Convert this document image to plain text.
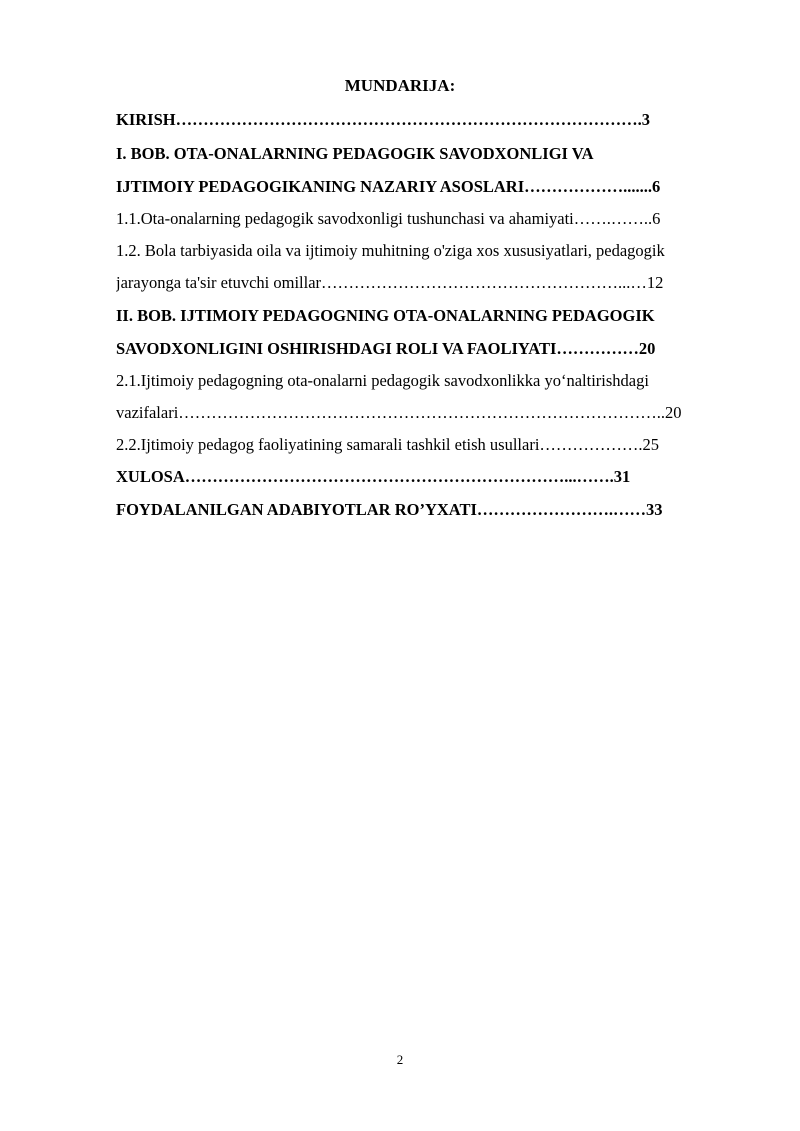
MUNDARIJA:
KIRISH………………………………………………………………………….3
I. BOB. OTA-ONALARNING PEDAGOGIK SAVODXONLIGI VA
IJTIMOIY PEDAGOGIKANING NAZARIY ASOSLARI……………….......6
1.1.Ota-onalarning pedagogik savodxonligi tushunchasi va ahamiyati…….……..6
1.2. Bola tarbiyasida oila va ijtimoiy muhitning o'ziga xos xususiyatlari, pedagogik
jarayonga ta'sir etuvchi omillar………………………………………………...…12
II. BOB. IJTIMOIY PEDAGOGNING OTA-ONALARNING PEDAGOGIK
SAVODXONLIGINI OSHIRISHDAGI ROLI VA FAOLIYATI……………20
2.1.Ijtimoiy pedagogning ota-onalarni pedagogik savodxonlikka yo‘naltirishdagi
vazifalari……………………………………………………………………………..20
2.2.Ijtimoiy pedagog faoliyatining samarali tashkil etish usullari……………….25
XULOSA……………………………………………………………...…….31
FOYDALANILGAN ADABIYOTLAR RO’YXATI…………………….……33
2
